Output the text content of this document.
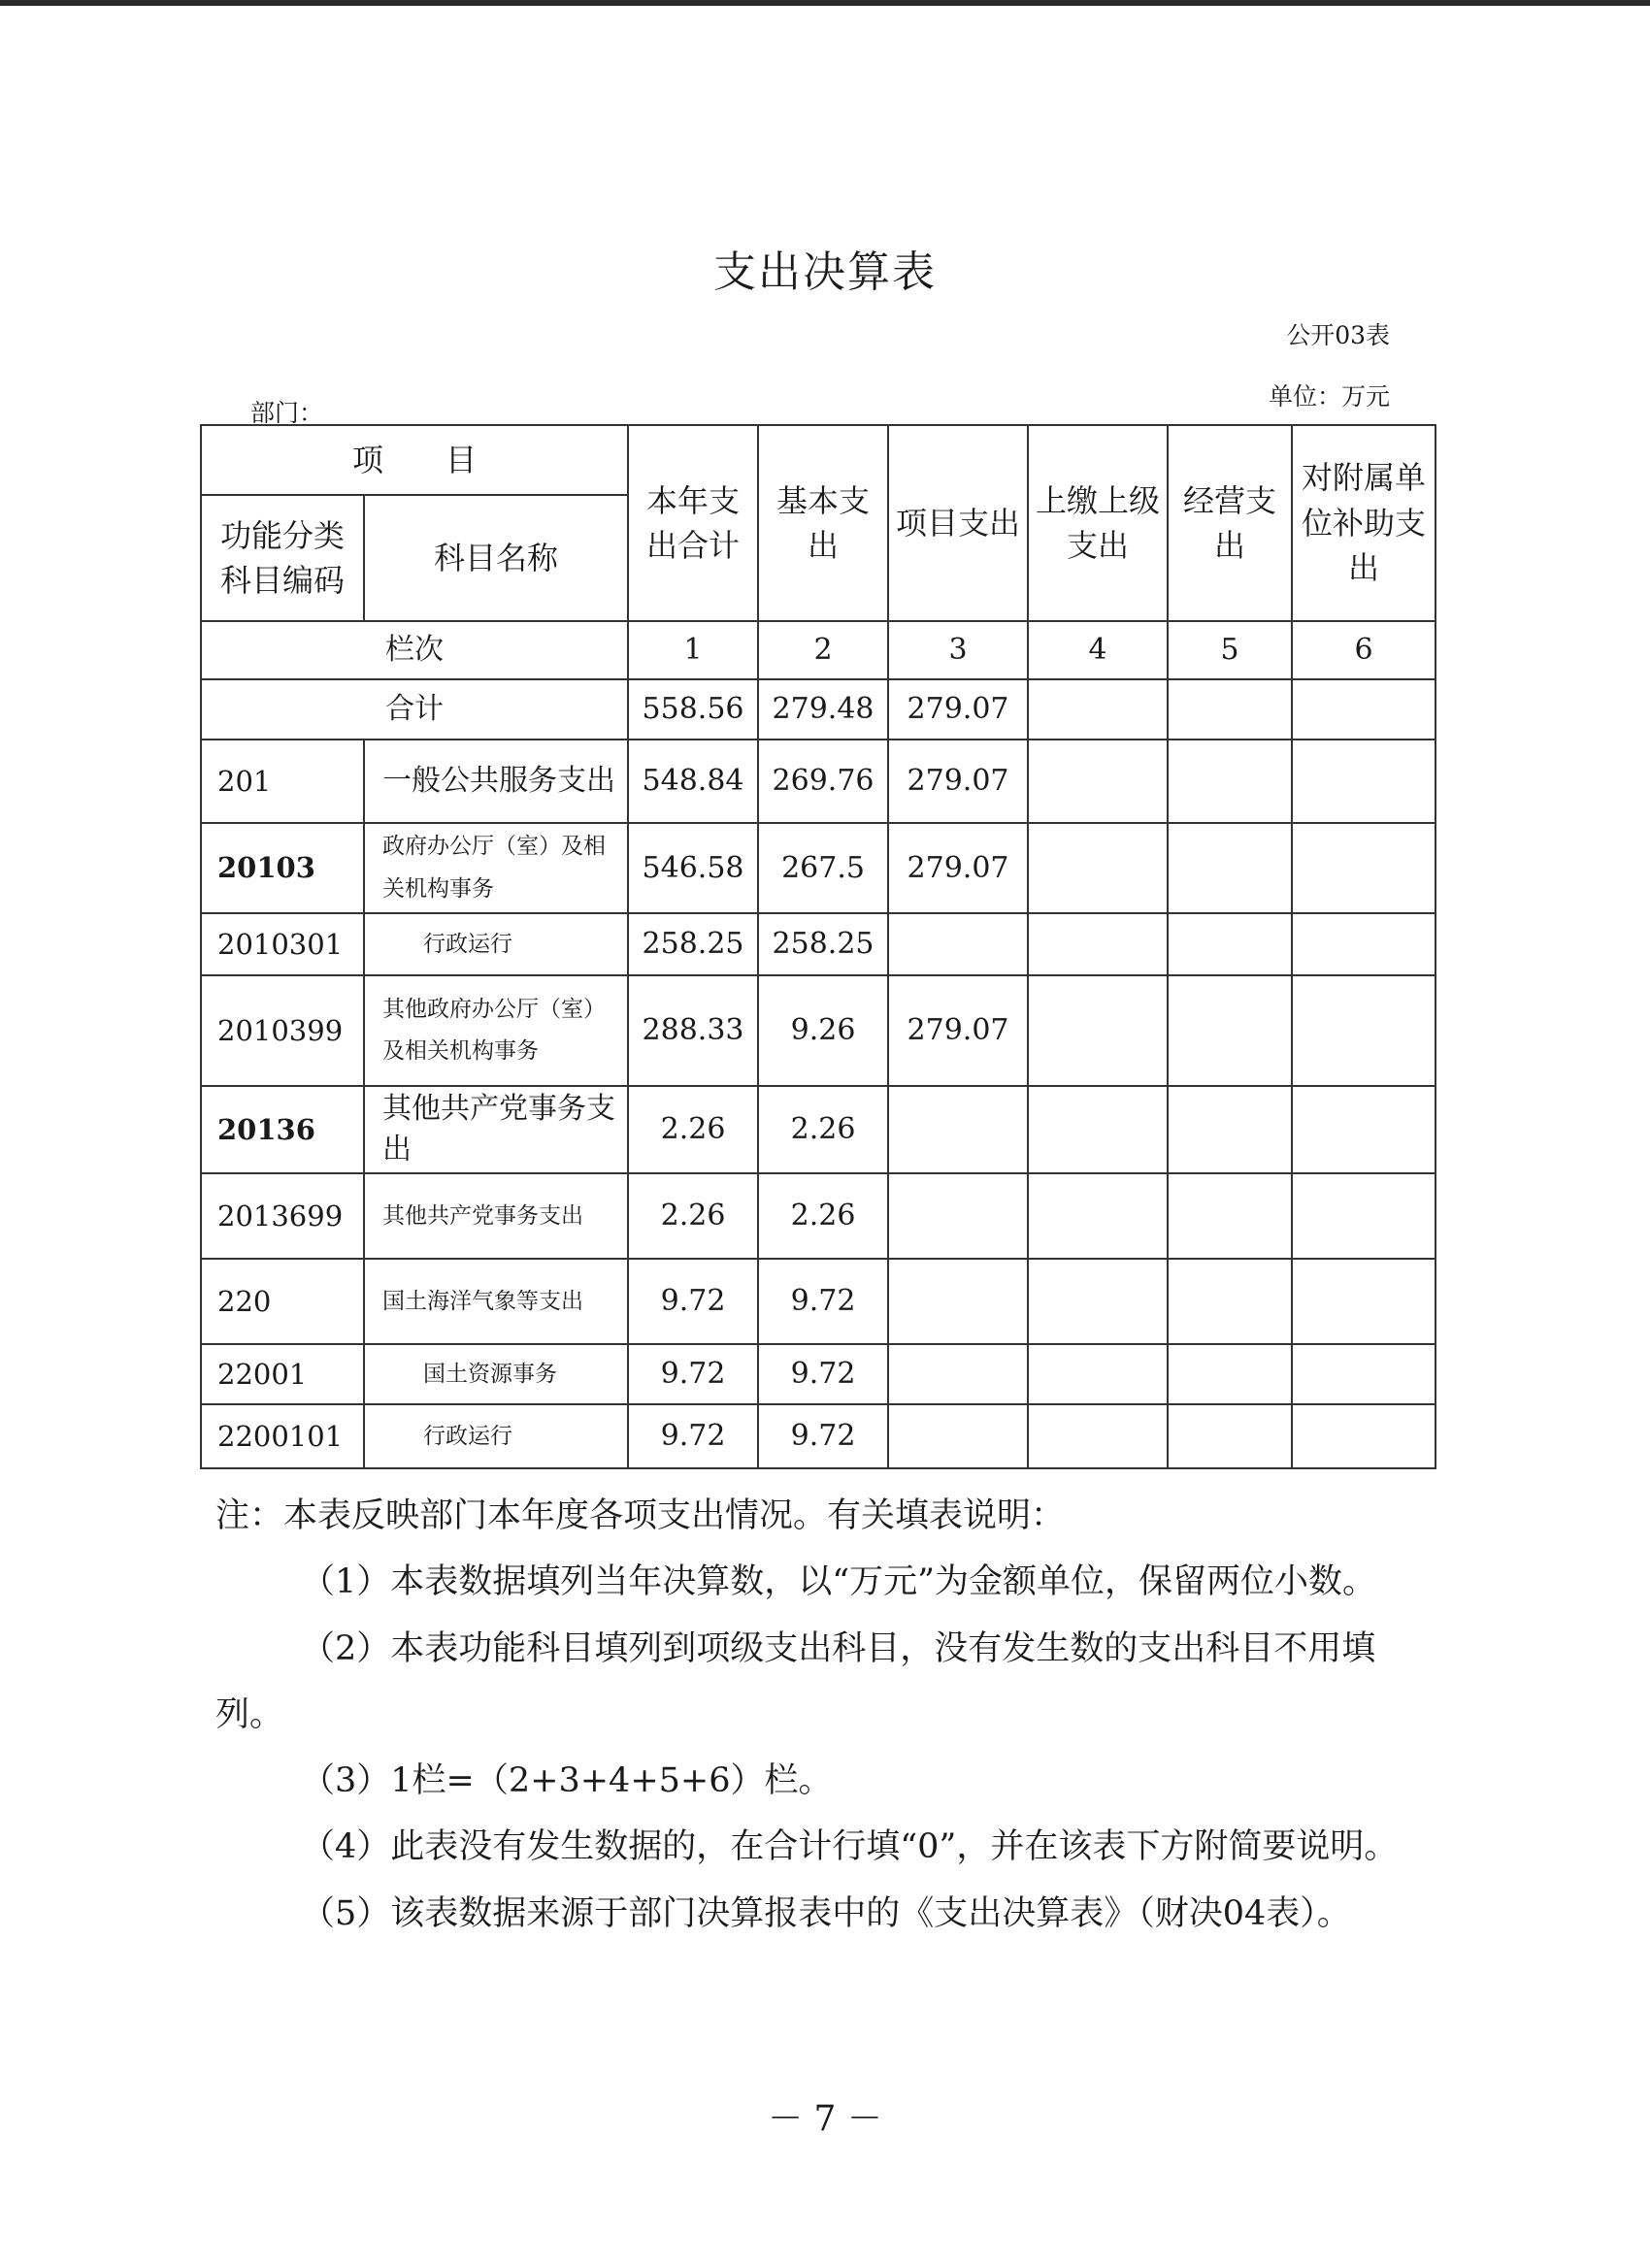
支出决算表
公开03表
单位：万元
部门：
项　　目		本年支出合计	基本支出	项目支出	上缴上级支出	经营支出	对附属单位补助支出
功能分类科目编码	科目名称						
栏次		1	2	3	4	5	6
合计		558.56	279.48	279.07			
201	一般公共服务支出	548.84	269.76	279.07			
20103	政府办公厅（室）及相关机构事务	546.58	267.5	279.07			
2010301	行政运行	258.25	258.25				
2010399	其他政府办公厅（室）及相关机构事务	288.33	9.26	279.07			
20136	其他共产党事务支出	2.26	2.26				
2013699	其他共产党事务支出	2.26	2.26				
220	国土海洋气象等支出	9.72	9.72				
22001	国土资源事务	9.72	9.72				
2200101	行政运行	9.72	9.72				

注：本表反映部门本年度各项支出情况。有关填表说明：

（1）本表数据填列当年决算数，以“万元”为金额单位，保留两位小数。

（2）本表功能科目填列到项级支出科目，没有发生数的支出科目不用填列。

（3）1栏=（2+3+4+5+6）栏。

（4）此表没有发生数据的，在合计行填“0”，并在该表下方附简要说明。

（5）该表数据来源于部门决算报表中的《支出决算表》（财决04表）。

－ 7 －
